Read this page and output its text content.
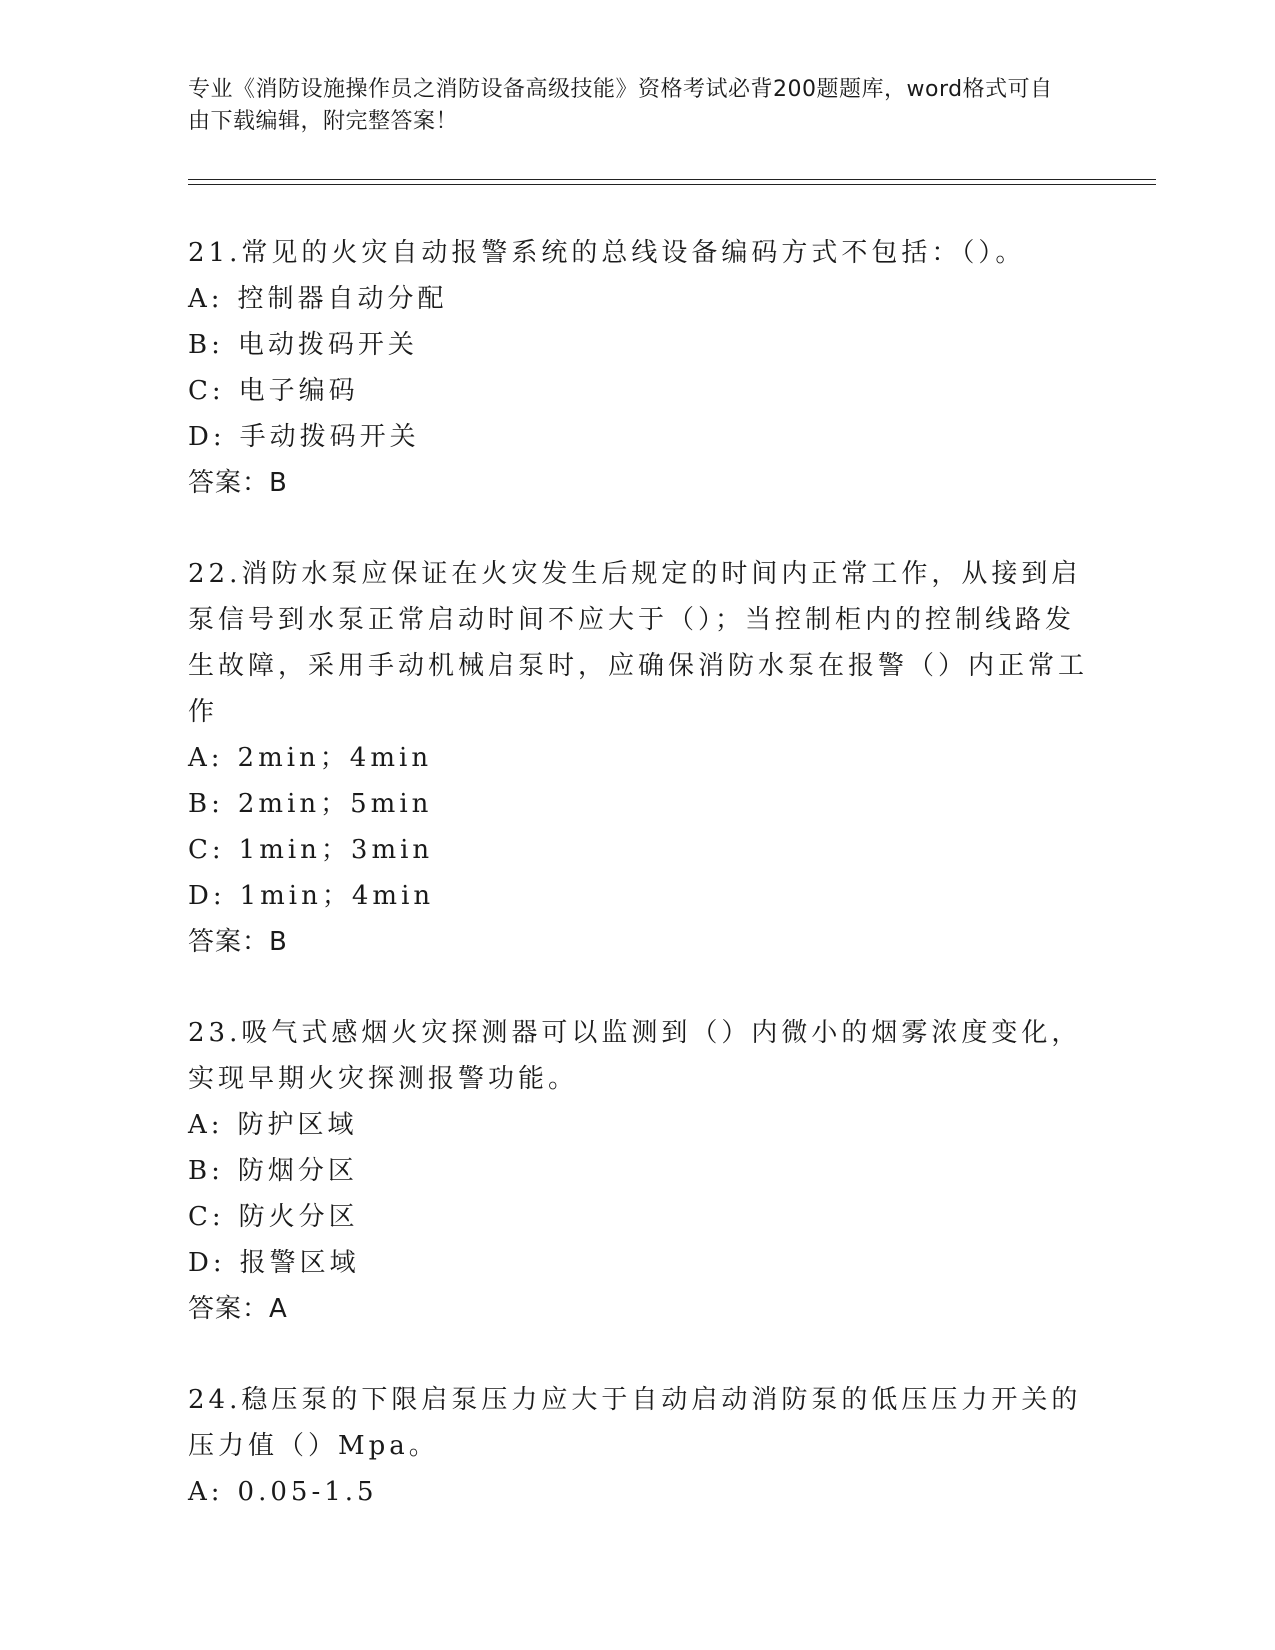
专业《消防设施操作员之消防设备高级技能》资格考试必背200题题库，word格式可自由下载编辑，附完整答案！

21.常见的火灾自动报警系统的总线设备编码方式不包括：（）。

A: 控制器自动分配

B: 电动拨码开关

C: 电子编码

D: 手动拨码开关

答案：B

22.消防水泵应保证在火灾发生后规定的时间内正常工作，从接到启泵信号到水泵正常启动时间不应大于（）；当控制柜内的控制线路发生故障，采用手动机械启泵时，应确保消防水泵在报警（）内正常工作

A: 2min；4min

B: 2min；5min

C: 1min；3min

D: 1min；4min

答案：B

23.吸气式感烟火灾探测器可以监测到（）内微小的烟雾浓度变化，实现早期火灾探测报警功能。

A: 防护区域

B: 防烟分区

C: 防火分区

D: 报警区域

答案：A

24.稳压泵的下限启泵压力应大于自动启动消防泵的低压压力开关的压力值（）Mpa。

A: 0.05-1.5
